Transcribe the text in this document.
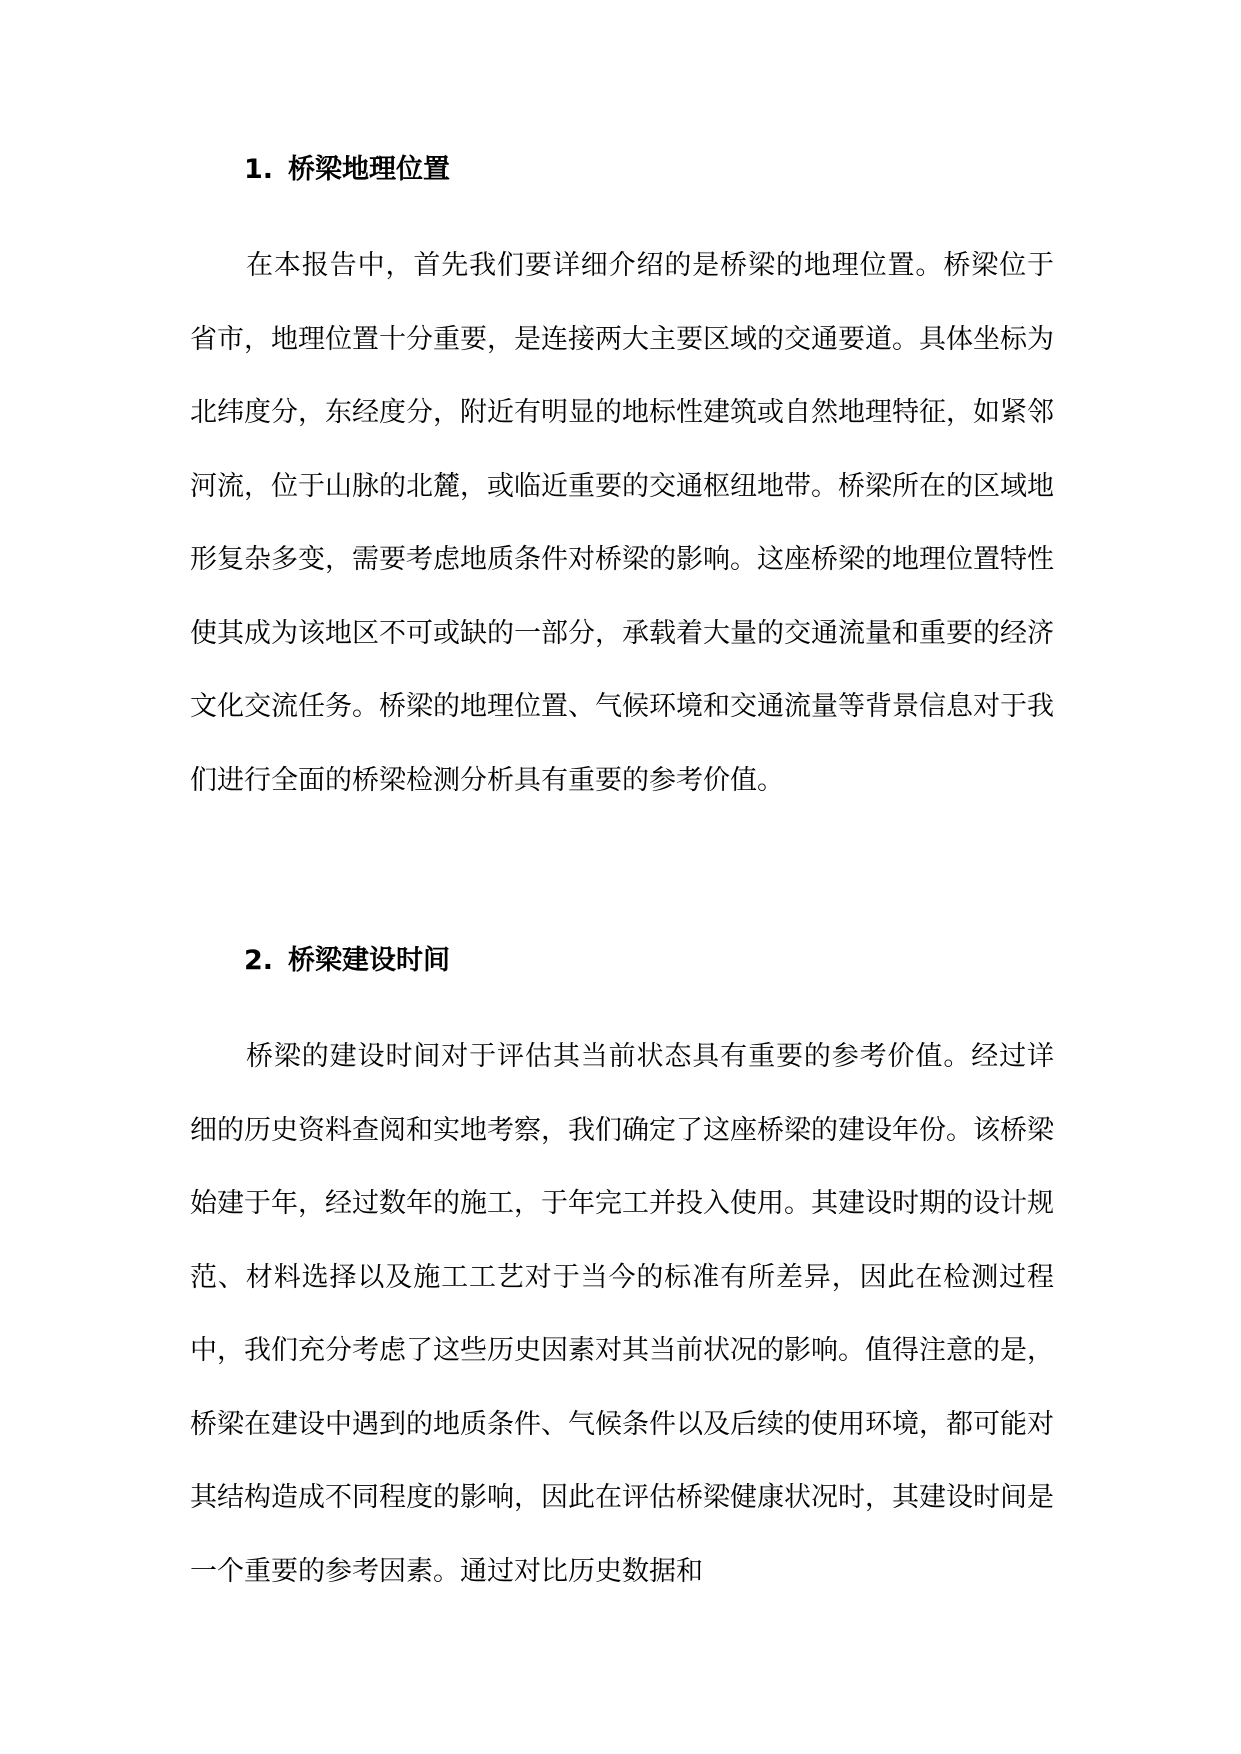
1. 桥梁地理位置

在本报告中，首先我们要详细介绍的是桥梁的地理位置。桥梁位于省市，地理位置十分重要，是连接两大主要区域的交通要道。具体坐标为北纬度分，东经度分，附近有明显的地标性建筑或自然地理特征，如紧邻河流，位于山脉的北麓，或临近重要的交通枢纽地带。桥梁所在的区域地形复杂多变，需要考虑地质条件对桥梁的影响。这座桥梁的地理位置特性使其成为该地区不可或缺的一部分，承载着大量的交通流量和重要的经济文化交流任务。桥梁的地理位置、气候环境和交通流量等背景信息对于我们进行全面的桥梁检测分析具有重要的参考价值。

2. 桥梁建设时间

桥梁的建设时间对于评估其当前状态具有重要的参考价值。经过详细的历史资料查阅和实地考察，我们确定了这座桥梁的建设年份。该桥梁始建于年，经过数年的施工，于年完工并投入使用。其建设时期的设计规范、材料选择以及施工工艺对于当今的标准有所差异，因此在检测过程中，我们充分考虑了这些历史因素对其当前状况的影响。值得注意的是，桥梁在建设中遇到的地质条件、气候条件以及后续的使用环境，都可能对其结构造成不同程度的影响，因此在评估桥梁健康状况时，其建设时间是一个重要的参考因素。通过对比历史数据和
